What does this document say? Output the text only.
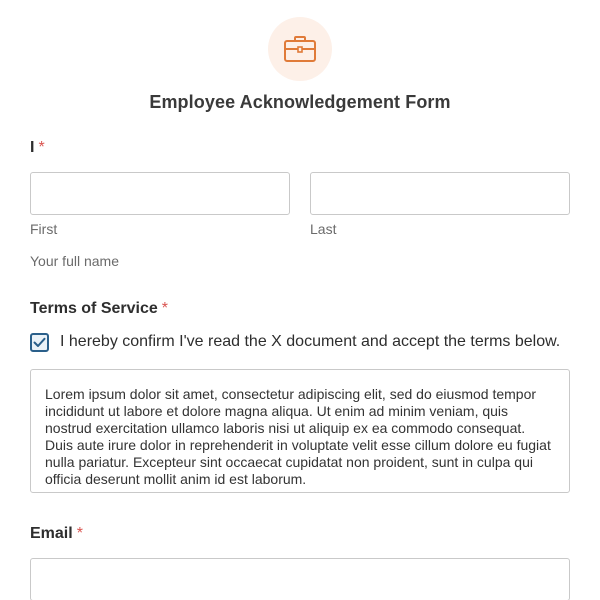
Employee Acknowledgement Form
I *
First	Last
Your full name
Terms of Service *
I hereby confirm I've read the X document and accept the terms below.
Lorem ipsum dolor sit amet, consectetur adipiscing elit, sed do eiusmod tempor incididunt ut labore et dolore magna aliqua. Ut enim ad minim veniam, quis nostrud exercitation ullamco laboris nisi ut aliquip ex ea commodo consequat. Duis aute irure dolor in reprehenderit in voluptate velit esse cillum dolore eu fugiat nulla pariatur. Excepteur sint occaecat cupidatat non proident, sunt in culpa qui officia deserunt mollit anim id est laborum.
Email *
